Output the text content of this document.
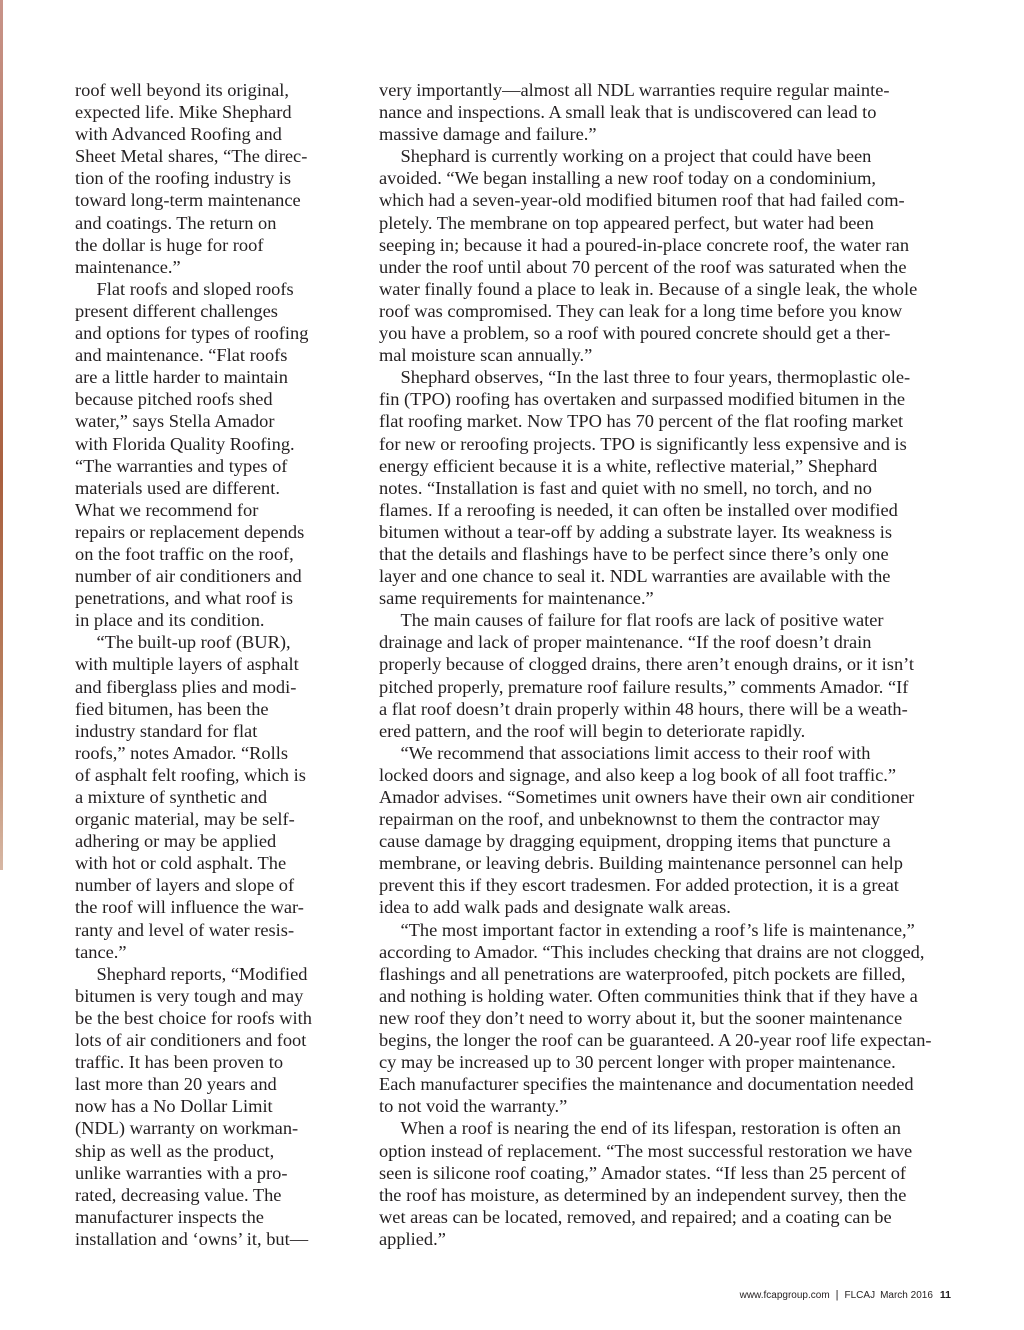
roof well beyond its original,
expected life. Mike Shephard
with Advanced Roofing and
Sheet Metal shares, “The direc-
tion of the roofing industry is
toward long-term maintenance
and coatings. The return on
the dollar is huge for roof
maintenance.”

Flat roofs and sloped roofs
present different challenges
and options for types of roofing
and maintenance. “Flat roofs
are a little harder to maintain
because pitched roofs shed
water,” says Stella Amador
with Florida Quality Roofing.
“The warranties and types of
materials used are different.
What we recommend for
repairs or replacement depends
on the foot traffic on the roof,
number of air conditioners and
penetrations, and what roof is
in place and its condition.

“The built-up roof (BUR),
with multiple layers of asphalt
and fiberglass plies and modi-
fied bitumen, has been the
industry standard for flat
roofs,” notes Amador. “Rolls
of asphalt felt roofing, which is
a mixture of synthetic and
organic material, may be self-
adhering or may be applied
with hot or cold asphalt. The
number of layers and slope of
the roof will influence the war-
ranty and level of water resis-
tance.”

Shephard reports, “Modified
bitumen is very tough and may
be the best choice for roofs with
lots of air conditioners and foot
traffic. It has been proven to
last more than 20 years and
now has a No Dollar Limit
(NDL) warranty on workman-
ship as well as the product,
unlike warranties with a pro-
rated, decreasing value. The
manufacturer inspects the
installation and ‘owns’ it, but—

very importantly—almost all NDL warranties require regular mainte-
nance and inspections. A small leak that is undiscovered can lead to
massive damage and failure.”

Shephard is currently working on a project that could have been
avoided. “We began installing a new roof today on a condominium,
which had a seven-year-old modified bitumen roof that had failed com-
pletely. The membrane on top appeared perfect, but water had been
seeping in; because it had a poured-in-place concrete roof, the water ran
under the roof until about 70 percent of the roof was saturated when the
water finally found a place to leak in. Because of a single leak, the whole
roof was compromised. They can leak for a long time before you know
you have a problem, so a roof with poured concrete should get a ther-
mal moisture scan annually.”

Shephard observes, “In the last three to four years, thermoplastic ole-
fin (TPO) roofing has overtaken and surpassed modified bitumen in the
flat roofing market. Now TPO has 70 percent of the flat roofing market
for new or reroofing projects. TPO is significantly less expensive and is
energy efficient because it is a white, reflective material,” Shephard
notes. “Installation is fast and quiet with no smell, no torch, and no
flames. If a reroofing is needed, it can often be installed over modified
bitumen without a tear-off by adding a substrate layer. Its weakness is
that the details and flashings have to be perfect since there’s only one
layer and one chance to seal it. NDL warranties are available with the
same requirements for maintenance.”

The main causes of failure for flat roofs are lack of positive water
drainage and lack of proper maintenance. “If the roof doesn’t drain
properly because of clogged drains, there aren’t enough drains, or it isn’t
pitched properly, premature roof failure results,” comments Amador. “If
a flat roof doesn’t drain properly within 48 hours, there will be a weath-
ered pattern, and the roof will begin to deteriorate rapidly.

“We recommend that associations limit access to their roof with
locked doors and signage, and also keep a log book of all foot traffic.”
Amador advises. “Sometimes unit owners have their own air conditioner
repairman on the roof, and unbeknownst to them the contractor may
cause damage by dragging equipment, dropping items that puncture a
membrane, or leaving debris. Building maintenance personnel can help
prevent this if they escort tradesmen. For added protection, it is a great
idea to add walk pads and designate walk areas.

“The most important factor in extending a roof’s life is maintenance,”
according to Amador. “This includes checking that drains are not clogged,
flashings and all penetrations are waterproofed, pitch pockets are filled,
and nothing is holding water. Often communities think that if they have a
new roof they don’t need to worry about it, but the sooner maintenance
begins, the longer the roof can be guaranteed. A 20-year roof life expectan-
cy may be increased up to 30 percent longer with proper maintenance.
Each manufacturer specifies the maintenance and documentation needed
to not void the warranty.”

When a roof is nearing the end of its lifespan, restoration is often an
option instead of replacement. “The most successful restoration we have
seen is silicone roof coating,” Amador states. “If less than 25 percent of
the roof has moisture, as determined by an independent survey, then the
wet areas can be located, removed, and repaired; and a coating can be
applied.”

www.fcapgroup.com | FLCAJ March 2016 11
